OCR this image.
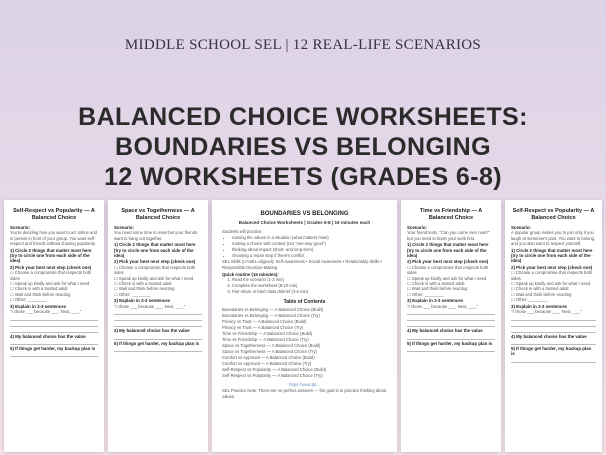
MIDDLE SCHOOL SEL | 12 REAL-LIFE SCENARIOS
BALANCED CHOICE WORKSHEETS:
BOUNDARIES VS BELONGING
12 WORKSHEETS (GRADES 6-8)
Self-Respect vs Popularity — A Balanced Choice
Scenario:
You're deciding how you want to act online and in person in front of your group. You want self-respect and friends without chasing popularity.
1) Circle 2 things that matter most here (try to circle one from each side of the idea)
2) Pick your best next step (check one)
☐ Choose a compromise that respects both sides
☐ Speak up kindly and ask for what I need
☐ Check in with a trusted adult
☐ Wait and think before reacting
☐ Other: ________
3) Explain in 2-3 sentences
"I chose ___ because ___. Next, ___."
4) My balanced choice has the value
5) If things get harder, my backup plan is
Space vs Togetherness — A Balanced Choice
Scenario:
You need some time to reset but your friends want to hang out together.
1) Circle 2 things that matter most here (try to circle one from each side of the idea)
2) Pick your best next step (check one)
☐ Choose a compromise that respects both sides
☐ Speak up kindly and ask for what I need
☐ Check in with a trusted adult
☐ Wait and think before reacting
☐ Other: ________
3) Explain in 2-3 sentences
"I chose ___ because ___. Next, ___."
4) My balanced choice has the value
5) If things get harder, my backup plan is
BOUNDARIES VS BELONGING
Balanced Choice Worksheets | Grades 6-8 | 15 minutes each
Students will practice:
• naming the values in a situation (what matters most)
• making a choice with context (not "one-way good")
• thinking about impact (short- and long-term)
• choosing a repair step if there's conflict
SEL Skills (CASEL-aligned): Self-Awareness • Social Awareness • Relationship Skills • Responsible Decision-Making
Quick routine (15 minutes):
1. Read the scenario (1-2 min)
2. Complete the worksheet (8-10 min)
3. Pair-share or brief class debrief (3-5 min)
Table of Contents
Boundaries vs Belonging — A Balanced Choice (Build)
Boundaries vs Belonging — A Balanced Choice (Try)
Privacy vs Trust — A Balanced Choice (Build)
Privacy vs Trust — A Balanced Choice (Try)
Time vs Friendship — A Balanced Choice (Build)
Time vs Friendship — A Balanced Choice (Try)
Space vs Togetherness — A Balanced Choice (Build)
Space vs Togetherness — A Balanced Choice (Try)
Comfort vs Approval — A Balanced Choice (Build)
Comfort vs Approval — A Balanced Choice (Try)
Self-Respect vs Popularity — A Balanced Choice (Build)
Self-Respect vs Popularity — A Balanced Choice (Try)
https://www.tpt...
SEL Practice Note: There are no perfect answers — the goal is to practice thinking about values.
Time vs Friendship — A Balanced Choice
Scenario:
Your friend texts, "Can you come over now?" but you need to finish your work first.
1) Circle 2 things that matter most here (try to circle one from each side of the idea)
2) Pick your best next step (check one)
☐ Choose a compromise that respects both sides
☐ Speak up kindly and ask for what I need
☐ Check in with a trusted adult
☐ Wait and think before reacting
☐ Other: ________
3) Explain in 2-3 sentences
"I chose ___ because ___. Next, ___."
4) My balanced choice has the value
5) If things get harder, my backup plan is
Self-Respect vs Popularity — A Balanced Choice
Scenario:
A popular group invites you to join only if you laugh at someone's post. You want to belong, and you also want to respect yourself.
1) Circle 2 things that matter most here (try to circle one from each side of the idea)
2) Pick your best next step (check one)
☐ Choose a compromise that respects both sides
☐ Speak up kindly and ask for what I need
☐ Check in with a trusted adult
☐ Wait and think before reacting
☐ Other: ________
3) Explain in 2-3 sentences
"I chose ___ because ___. Next, ___."
4) My balanced choice has the value
5) If things get harder, my backup plan is
